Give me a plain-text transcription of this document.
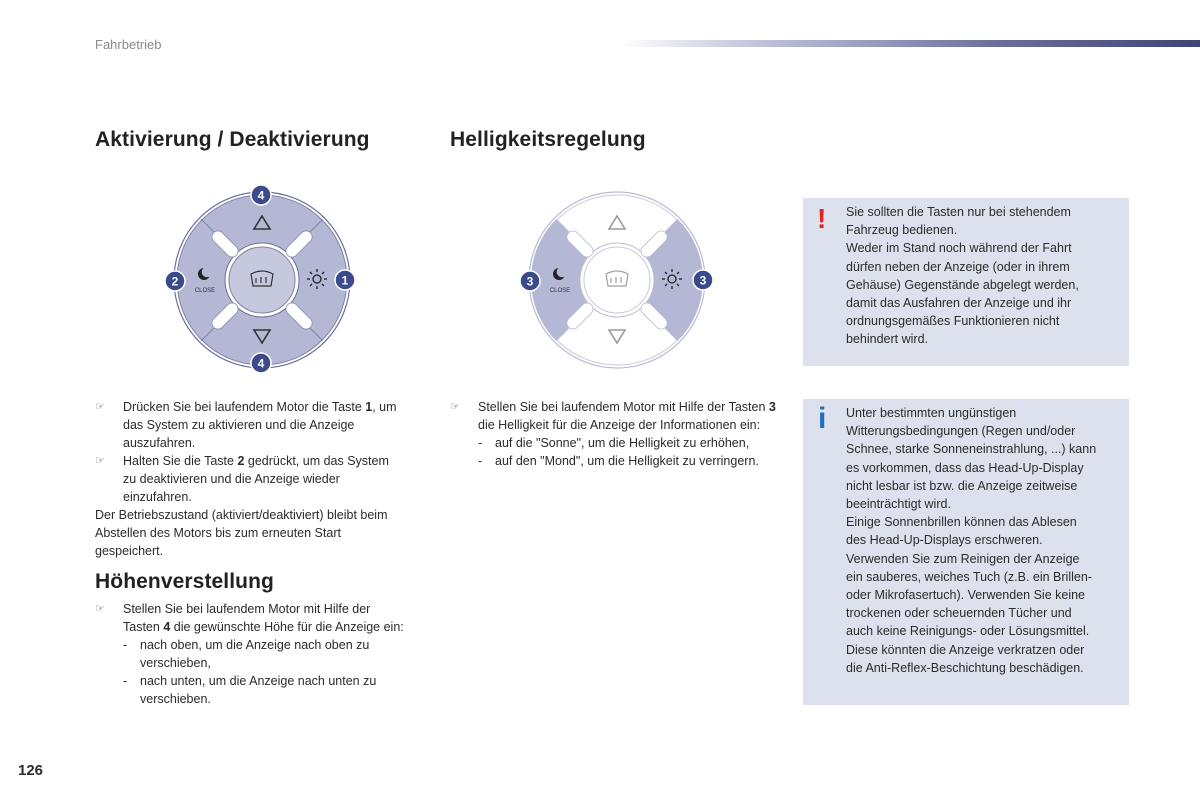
Fahrbetrieb
Aktivierung / Deaktivierung	Helligkeitsregelung
CLOSE
4
2	1
4
CLOSE
3	3
☞ Drücken Sie bei laufendem Motor die Taste 1, um das System zu aktivieren und die Anzeige auszufahren.
☞ Halten Sie die Taste 2 gedrückt, um das System zu deaktivieren und die Anzeige wieder einzufahren.
Der Betriebszustand (aktiviert/deaktiviert) bleibt beim Abstellen des Motors bis zum erneuten Start gespeichert.
Höhenverstellung
☞ Stellen Sie bei laufendem Motor mit Hilfe der Tasten 4 die gewünschte Höhe für die Anzeige ein:
- nach oben, um die Anzeige nach oben zu verschieben,
- nach unten, um die Anzeige nach unten zu verschieben.
☞ Stellen Sie bei laufendem Motor mit Hilfe der Tasten 3 die Helligkeit für die Anzeige der Informationen ein:
- auf die "Sonne", um die Helligkeit zu erhöhen,
- auf den "Mond", um die Helligkeit zu verringern.
! Sie sollten die Tasten nur bei stehendem
Fahrzeug bedienen.
Weder im Stand noch während der Fahrt
dürfen neben der Anzeige (oder in ihrem
Gehäuse) Gegenstände abgelegt werden,
damit das Ausfahren der Anzeige und ihr
ordnungsgemäßes Funktionieren nicht
behindert wird.
i Unter bestimmten ungünstigen
Witterungsbedingungen (Regen und/oder
Schnee, starke Sonneneinstrahlung, ...) kann
es vorkommen, dass das Head-Up-Display
nicht lesbar ist bzw. die Anzeige zeitweise
beeinträchtigt wird.
Einige Sonnenbrillen können das Ablesen
des Head-Up-Displays erschweren.
Verwenden Sie zum Reinigen der Anzeige
ein sauberes, weiches Tuch (z.B. ein Brillen-
oder Mikrofasertuch). Verwenden Sie keine
trockenen oder scheuernden Tücher und
auch keine Reinigungs- oder Lösungsmittel.
Diese könnten die Anzeige verkratzen oder
die Anti-Reflex-Beschichtung beschädigen.
126
